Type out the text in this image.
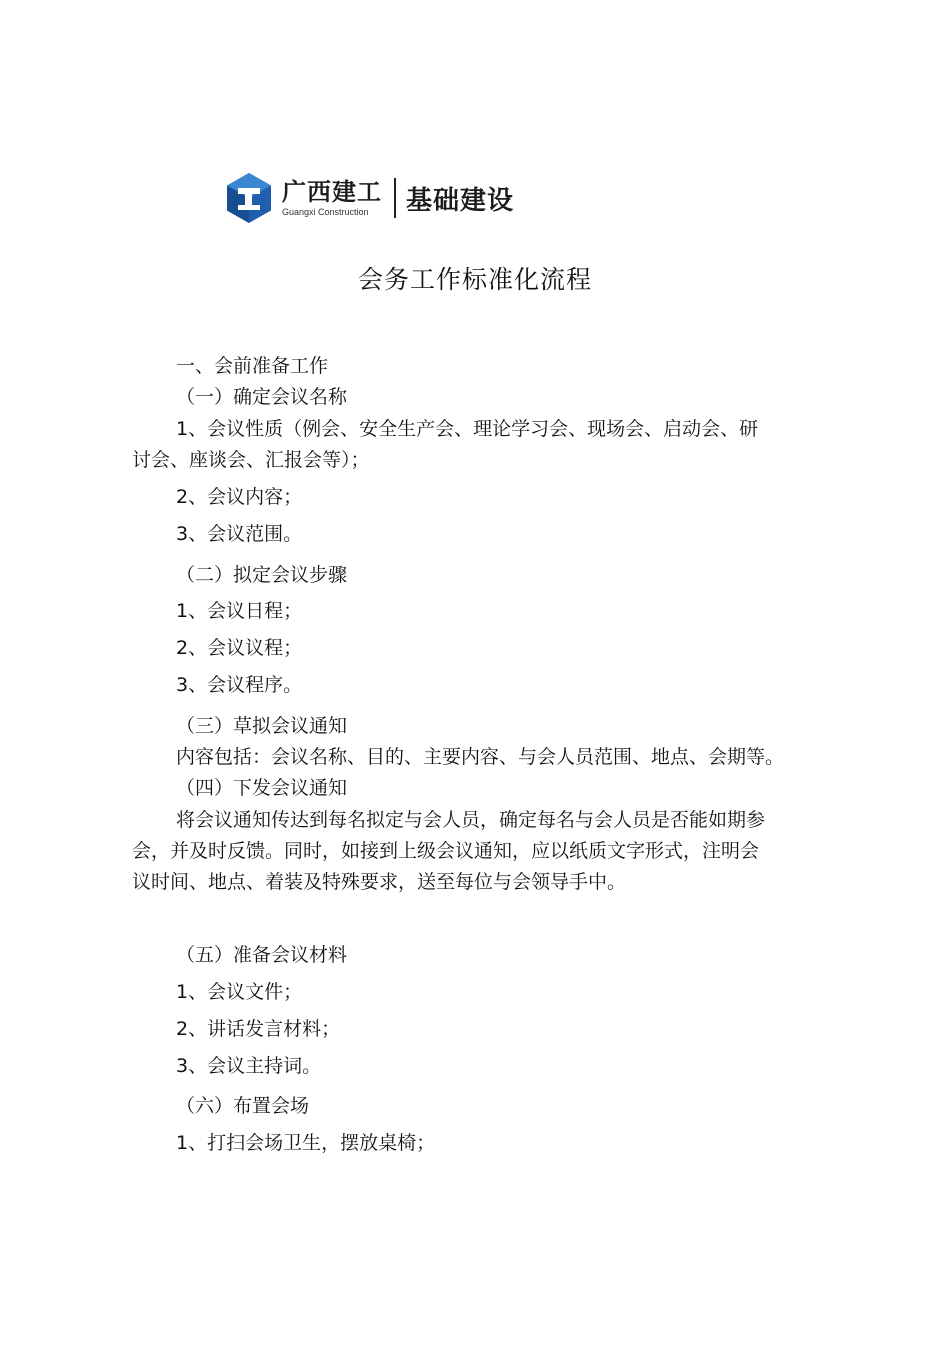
广西建工
Guangxi Construction	基础建设
会务工作标准化流程
一、会前准备工作
（一）确定会议名称
1、会议性质（例会、安全生产会、理论学习会、现场会、启动会、研
讨会、座谈会、汇报会等）；
2、会议内容；
3、会议范围。
（二）拟定会议步骤
1、会议日程；
2、会议议程；
3、会议程序。
（三）草拟会议通知
内容包括：会议名称、目的、主要内容、与会人员范围、地点、会期等。
（四）下发会议通知
将会议通知传达到每名拟定与会人员，确定每名与会人员是否能如期参
会，并及时反馈。同时，如接到上级会议通知，应以纸质文字形式，注明会
议时间、地点、着装及特殊要求，送至每位与会领导手中。
（五）准备会议材料
1、会议文件；
2、讲话发言材料；
3、会议主持词。
（六）布置会场
1、打扫会场卫生，摆放桌椅；
